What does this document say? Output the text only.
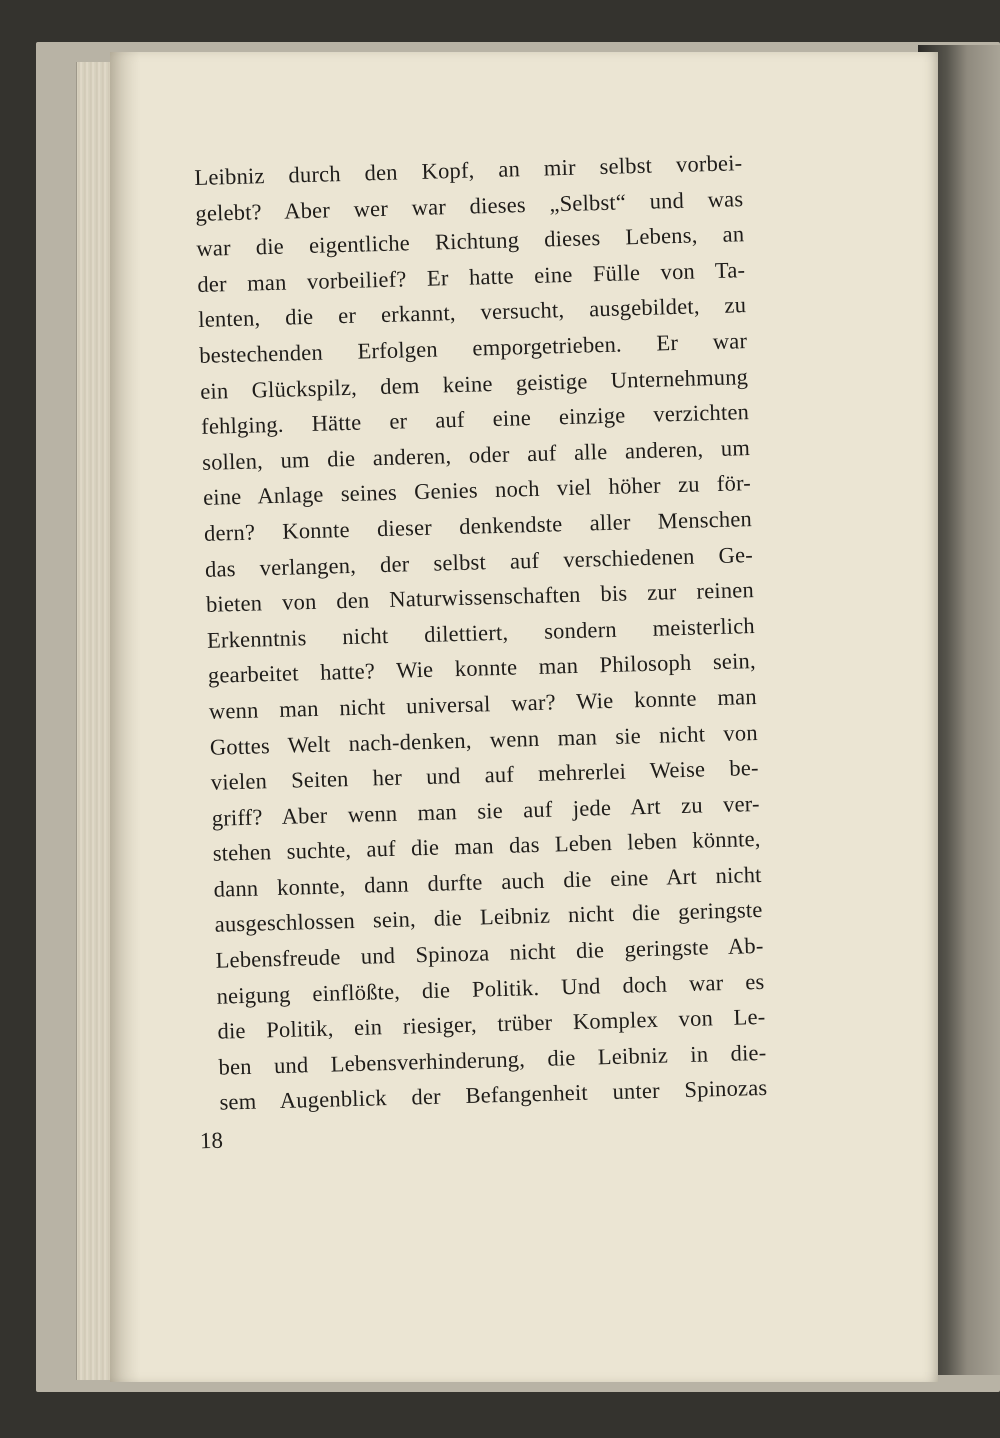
Leibniz durch den Kopf, an mir selbst vorbei-
gelebt? Aber wer war dieses „Selbst“ und was
war die eigentliche Richtung dieses Lebens, an
der man vorbeilief? Er hatte eine Fülle von Ta-
lenten, die er erkannt, versucht, ausgebildet, zu
bestechenden Erfolgen emporgetrieben. Er war
ein Glückspilz, dem keine geistige Unternehmung
fehlging. Hätte er auf eine einzige verzichten
sollen, um die anderen, oder auf alle anderen, um
eine Anlage seines Genies noch viel höher zu för-
dern? Konnte dieser denkendste aller Menschen
das verlangen, der selbst auf verschiedenen Ge-
bieten von den Naturwissenschaften bis zur reinen
Erkenntnis nicht dilettiert, sondern meisterlich
gearbeitet hatte? Wie konnte man Philosoph sein,
wenn man nicht universal war? Wie konnte man
Gottes Welt nach-denken, wenn man sie nicht von
vielen Seiten her und auf mehrerlei Weise be-
griff? Aber wenn man sie auf jede Art zu ver-
stehen suchte, auf die man das Leben leben könnte,
dann konnte, dann durfte auch die eine Art nicht
ausgeschlossen sein, die Leibniz nicht die geringste
Lebensfreude und Spinoza nicht die geringste Ab-
neigung einflößte, die Politik. Und doch war es
die Politik, ein riesiger, trüber Komplex von Le-
ben und Lebensverhinderung, die Leibniz in die-
sem Augenblick der Befangenheit unter Spinozas
18
